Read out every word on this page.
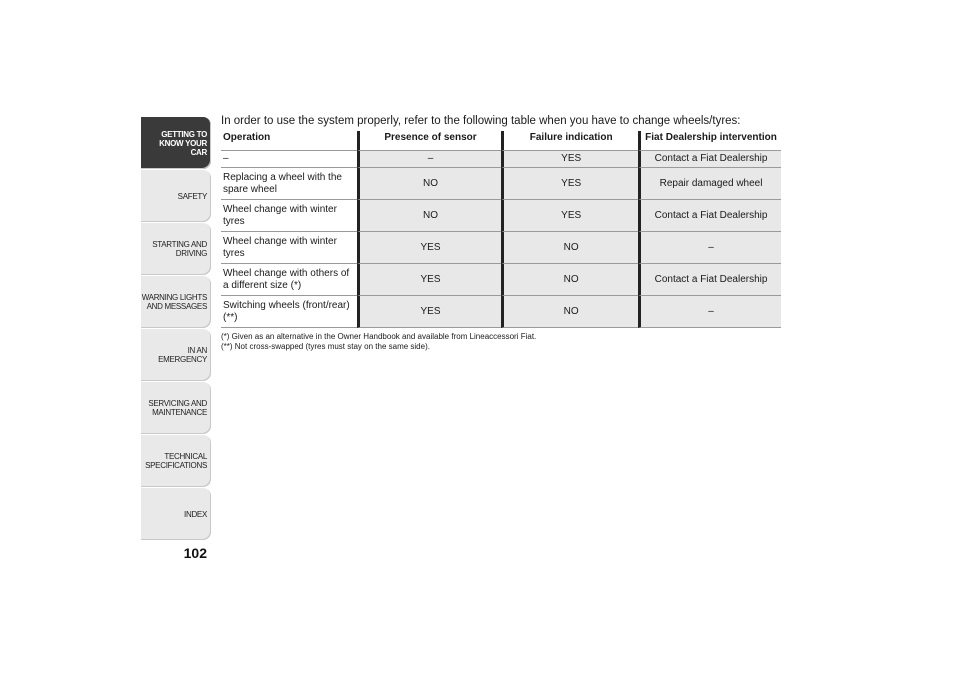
GETTING TO
KNOW YOUR CAR
SAFETY
STARTING AND
DRIVING
WARNING LIGHTS
AND MESSAGES
IN AN EMERGENCY
SERVICING AND
MAINTENANCE
TECHNICAL
SPECIFICATIONS
INDEX
102

In order to use the system properly, refer to the following table when you have to change wheels/tyres:

Operation	Presence of sensor	Failure indication	Fiat Dealership intervention
–	–	YES	Contact a Fiat Dealership
Replacing a wheel with the spare wheel	NO	YES	Repair damaged wheel
Wheel change with winter tyres	NO	YES	Contact a Fiat Dealership
Wheel change with winter tyres	YES	NO	–
Wheel change with others of a different size (*)	YES	NO	Contact a Fiat Dealership
Switching wheels (front/rear)(**)	YES	NO	–
(*) Given as an alternative in the Owner Handbook and available from Lineaccessori Fiat.
(**) Not cross-swapped (tyres must stay on the same side).
